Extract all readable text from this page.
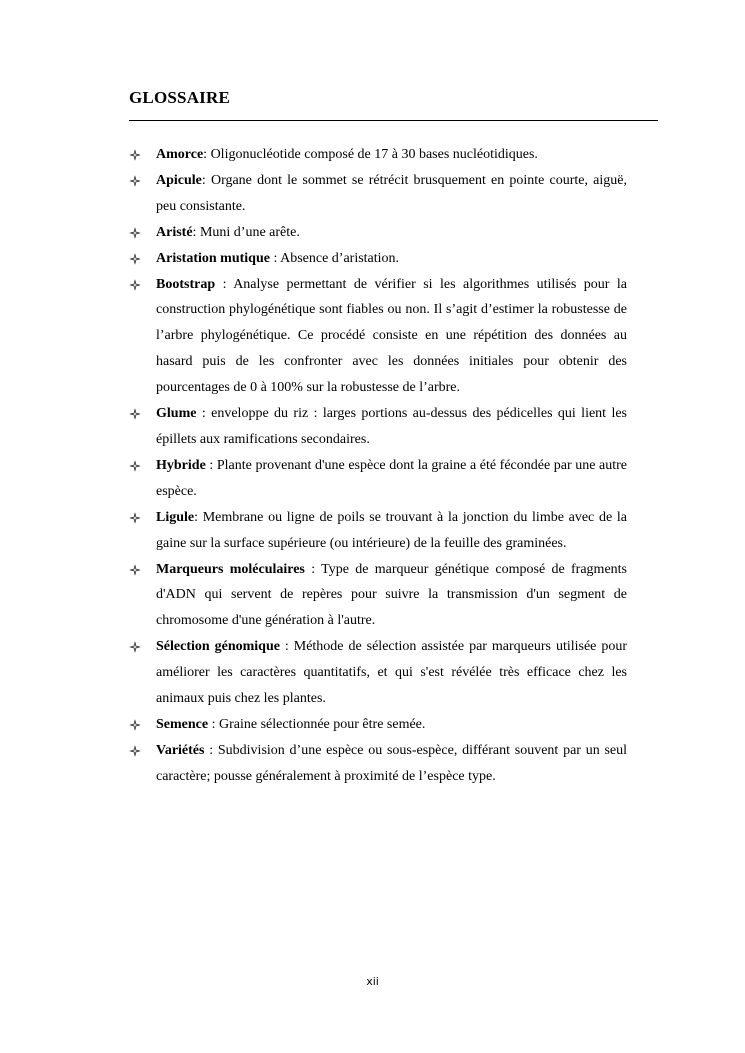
GLOSSAIRE
Amorce: Oligonucléotide composé de 17 à 30 bases nucléotidiques.
Apicule: Organe dont le sommet se rétrécit brusquement en pointe courte, aiguë, peu consistante.
Aristé: Muni d’une arête.
Aristation mutique : Absence d’aristation.
Bootstrap : Analyse permettant de vérifier si les algorithmes utilisés pour la construction phylogénétique sont fiables ou non. Il s’agit d’estimer la robustesse de l’arbre phylogénétique. Ce procédé consiste en une répétition des données au hasard puis de les confronter avec les données initiales pour obtenir des pourcentages de 0 à 100% sur la robustesse de l’arbre.
Glume : enveloppe du riz : larges portions au-dessus des pédicelles qui lient les épillets aux ramifications secondaires.
Hybride : Plante provenant d'une espèce dont la graine a été fécondée par une autre espèce.
Ligule: Membrane ou ligne de poils se trouvant à la jonction du limbe avec de la gaine sur la surface supérieure (ou intérieure) de la feuille des graminées.
Marqueurs moléculaires : Type de marqueur génétique composé de fragments d'ADN qui servent de repères pour suivre la transmission d'un segment de chromosome d'une génération à l'autre.
Sélection génomique : Méthode de sélection assistée par marqueurs utilisée pour améliorer les caractères quantitatifs, et qui s'est révélée très efficace chez les animaux puis chez les plantes.
Semence : Graine sélectionnée pour être semée.
Variétés : Subdivision d’une espèce ou sous-espèce, différant souvent par un seul caractère; pousse généralement à proximité de l’espèce type.
xii
